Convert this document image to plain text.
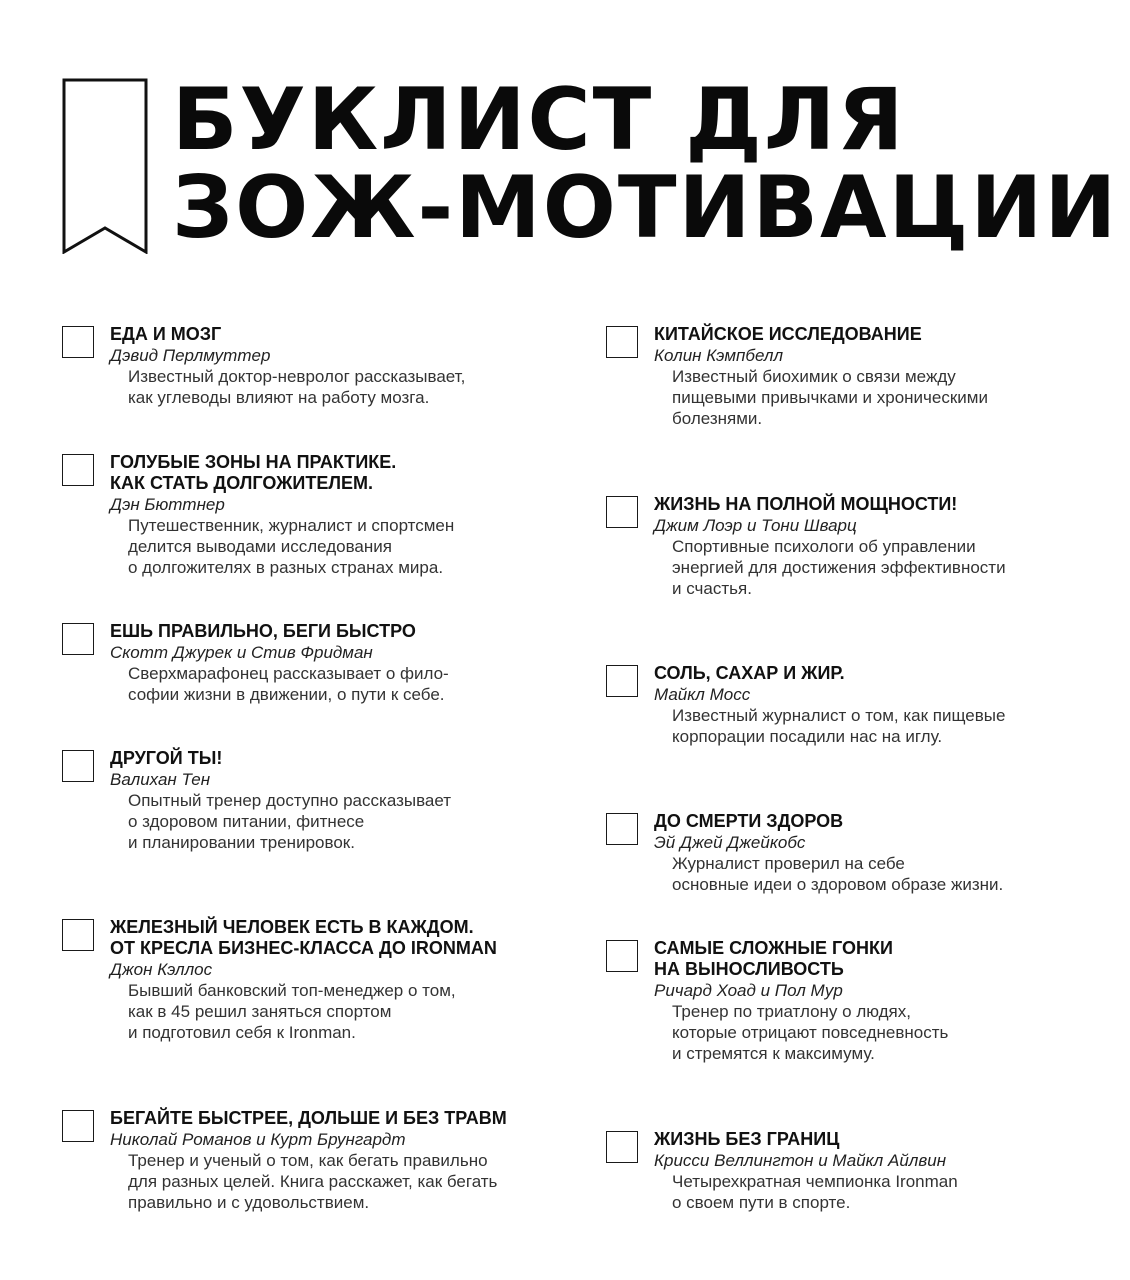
БУКЛИСТ ДЛЯ
ЗОЖ-МОТИВАЦИИ
ЕДА И МОЗГ
Дэвид Перлмуттер
Известный доктор-невролог рассказывает,
как углеводы влияют на работу мозга.
ГОЛУБЫЕ ЗОНЫ НА ПРАКТИКЕ.
КАК СТАТЬ ДОЛГОЖИТЕЛЕМ.
Дэн Бюттнер
Путешественник, журналист и спортсмен
делится выводами исследования
о долгожителях в разных странах мира.
ЕШЬ ПРАВИЛЬНО, БЕГИ БЫСТРО
Скотт Джурек и Стив Фридман
Сверхмарафонец рассказывает о фило-
софии жизни в движении, о пути к себе.
ДРУГОЙ ТЫ!
Валихан Тен
Опытный тренер доступно рассказывает
о здоровом питании, фитнесе
и планировании тренировок.
ЖЕЛЕЗНЫЙ ЧЕЛОВЕК ЕСТЬ В КАЖДОМ.
ОТ КРЕСЛА БИЗНЕС-КЛАССА ДО IRONMAN
Джон Кэллос
Бывший банковский топ-менеджер о том,
как в 45 решил заняться спортом
и подготовил себя к Ironman.
БЕГАЙТЕ БЫСТРЕЕ, ДОЛЬШЕ И БЕЗ ТРАВМ
Николай Романов и Курт Брунгардт
Тренер и ученый о том, как бегать правильно
для разных целей. Книга расскажет, как бегать
правильно и с удовольствием.
КИТАЙСКОЕ ИССЛЕДОВАНИЕ
Колин Кэмпбелл
Известный биохимик о связи между
пищевыми привычками и хроническими
болезнями.
ЖИЗНЬ НА ПОЛНОЙ МОЩНОСТИ!
Джим Лоэр и Тони Шварц
Спортивные психологи об управлении
энергией для достижения эффективности
и счастья.
СОЛЬ, САХАР И ЖИР.
Майкл Мосс
Известный журналист о том, как пищевые
корпорации посадили нас на иглу.
ДО СМЕРТИ ЗДОРОВ
Эй Джей Джейкобс
Журналист проверил на себе
основные идеи о здоровом образе жизни.
САМЫЕ СЛОЖНЫЕ ГОНКИ
НА ВЫНОСЛИВОСТЬ
Ричард Хоад и Пол Мур
Тренер по триатлону о людях,
которые отрицают повседневность
и стремятся к максимуму.
ЖИЗНЬ БЕЗ ГРАНИЦ
Крисси Веллингтон и Майкл Айлвин
Четырехкратная чемпионка Ironman
о своем пути в спорте.
